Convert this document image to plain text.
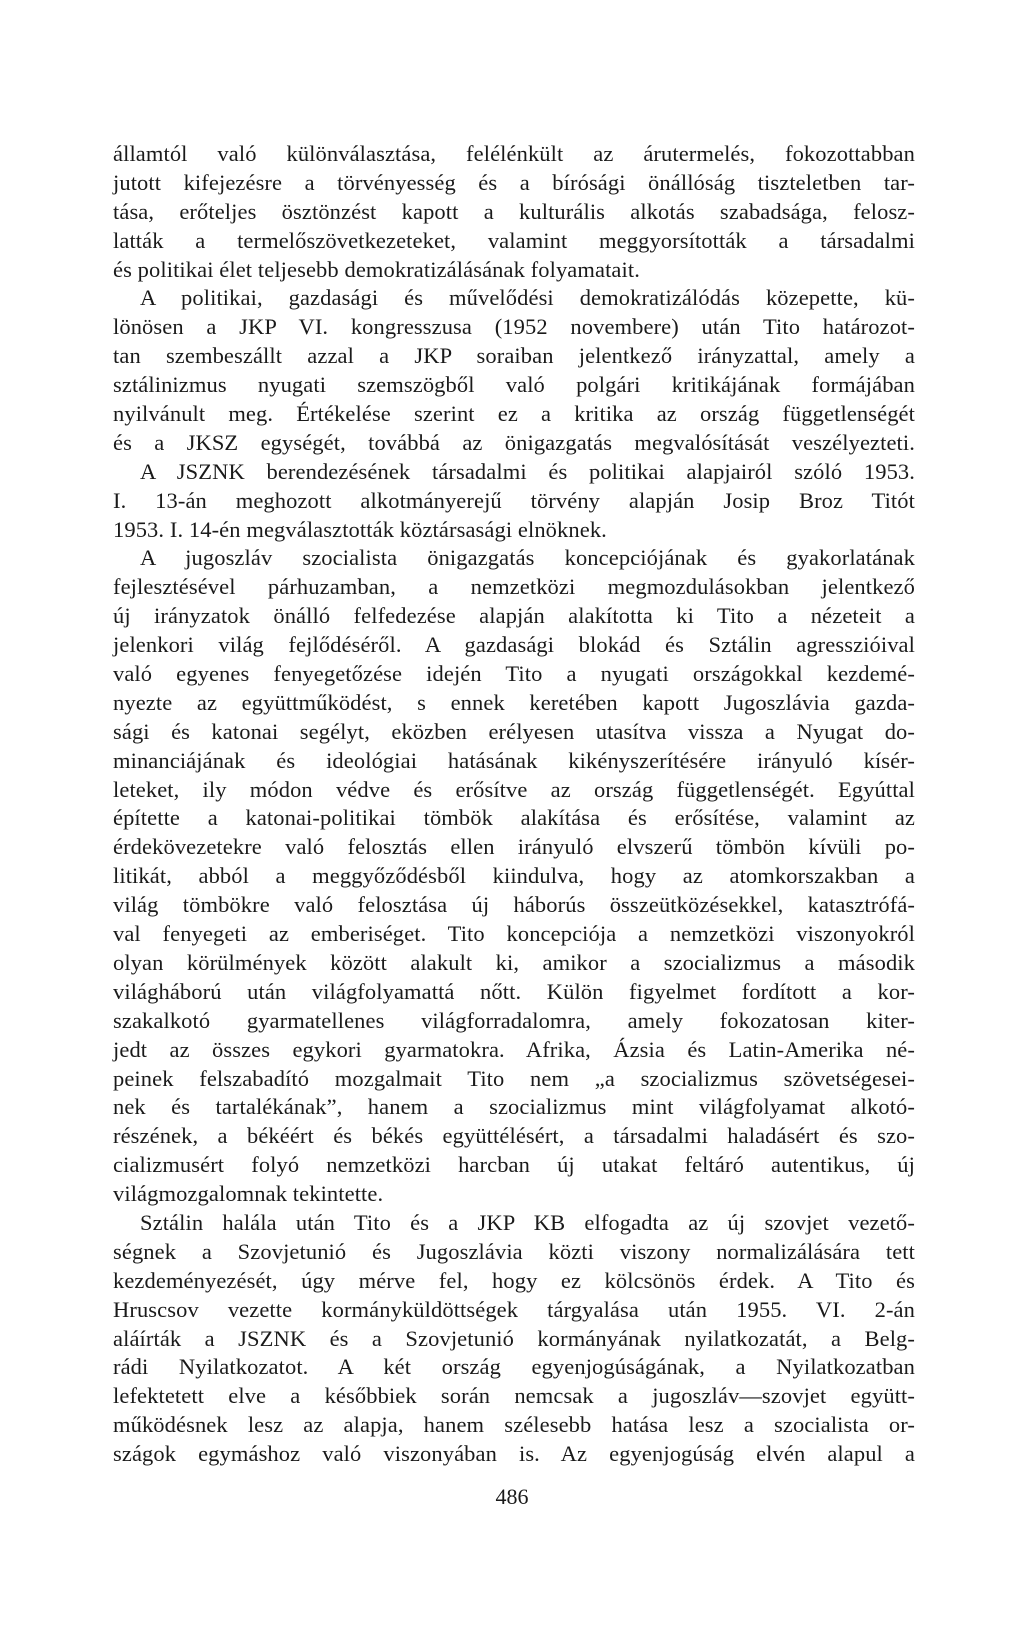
államtól való különválasztása, felélénkült az árutermelés, fokozottabban
jutott kifejezésre a törvényesség és a bírósági önállóság tiszteletben tar-
tása, erőteljes ösztönzést kapott a kulturális alkotás szabadsága, felosz-
latták a termelőszövetkezeteket, valamint meggyorsították a társadalmi
és politikai élet teljesebb demokratizálásának folyamatait.
A politikai, gazdasági és művelődési demokratizálódás közepette, kü-
lönösen a JKP VI. kongresszusa (1952 novembere) után Tito határozot-
tan szembeszállt azzal a JKP soraiban jelentkező irányzattal, amely a
sztálinizmus nyugati szemszögből való polgári kritikájának formájában
nyilvánult meg. Értékelése szerint ez a kritika az ország függetlenségét
és a JKSZ egységét, továbbá az önigazgatás megvalósítását veszélyezteti.
A JSZNK berendezésének társadalmi és politikai alapjairól szóló 1953.
I. 13-án meghozott alkotmányerejű törvény alapján Josip Broz Titót
1953. I. 14-én megválasztották köztársasági elnöknek.
A jugoszláv szocialista önigazgatás koncepciójának és gyakorlatának
fejlesztésével párhuzamban, a nemzetközi megmozdulásokban jelentkező
új irányzatok önálló felfedezése alapján alakította ki Tito a nézeteit a
jelenkori világ fejlődéséről. A gazdasági blokád és Sztálin agresszióival
való egyenes fenyegetőzése idején Tito a nyugati országokkal kezdemé-
nyezte az együttműködést, s ennek keretében kapott Jugoszlávia gazda-
sági és katonai segélyt, eközben erélyesen utasítva vissza a Nyugat do-
minanciájának és ideológiai hatásának kikényszerítésére irányuló kísér-
leteket, ily módon védve és erősítve az ország függetlenségét. Egyúttal
építette a katonai-politikai tömbök alakítása és erősítése, valamint az
érdekövezetekre való felosztás ellen irányuló elvszerű tömbön kívüli po-
litikát, abból a meggyőződésből kiindulva, hogy az atomkorszakban a
világ tömbökre való felosztása új háborús összeütközésekkel, katasztrófá-
val fenyegeti az emberiséget. Tito koncepciója a nemzetközi viszonyokról
olyan körülmények között alakult ki, amikor a szocializmus a második
világháború után világfolyamattá nőtt. Külön figyelmet fordított a kor-
szakalkotó gyarmatellenes világforradalomra, amely fokozatosan kiter-
jedt az összes egykori gyarmatokra. Afrika, Ázsia és Latin-Amerika né-
peinek felszabadító mozgalmait Tito nem „a szocializmus szövetségesei-
nek és tartalékának”, hanem a szocializmus mint világfolyamat alkotó-
részének, a békéért és békés együttélésért, a társadalmi haladásért és szo-
cializmusért folyó nemzetközi harcban új utakat feltáró autentikus, új
világmozgalomnak tekintette.
Sztálin halála után Tito és a JKP KB elfogadta az új szovjet vezető-
ségnek a Szovjetunió és Jugoszlávia közti viszony normalizálására tett
kezdeményezését, úgy mérve fel, hogy ez kölcsönös érdek. A Tito és
Hruscsov vezette kormányküldöttségek tárgyalása után 1955. VI. 2-án
aláírták a JSZNK és a Szovjetunió kormányának nyilatkozatát, a Belg-
rádi Nyilatkozatot. A két ország egyenjogúságának, a Nyilatkozatban
lefektetett elve a későbbiek során nemcsak a jugoszláv—szovjet együtt-
működésnek lesz az alapja, hanem szélesebb hatása lesz a szocialista or-
szágok egymáshoz való viszonyában is. Az egyenjogúság elvén alapul a
486
